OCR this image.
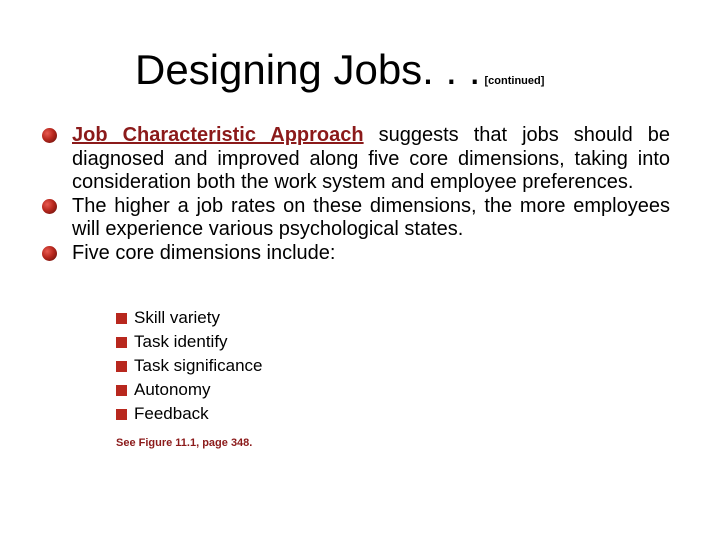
Designing Jobs. . . [continued]
Job Characteristic Approach suggests that jobs should be diagnosed and improved along five core dimensions, taking into consideration both the work system and employee preferences.
The higher a job rates on these dimensions, the more employees will experience various psychological states.
Five core dimensions include:
Skill variety
Task identify
Task significance
Autonomy
Feedback
See Figure 11.1, page 348.
